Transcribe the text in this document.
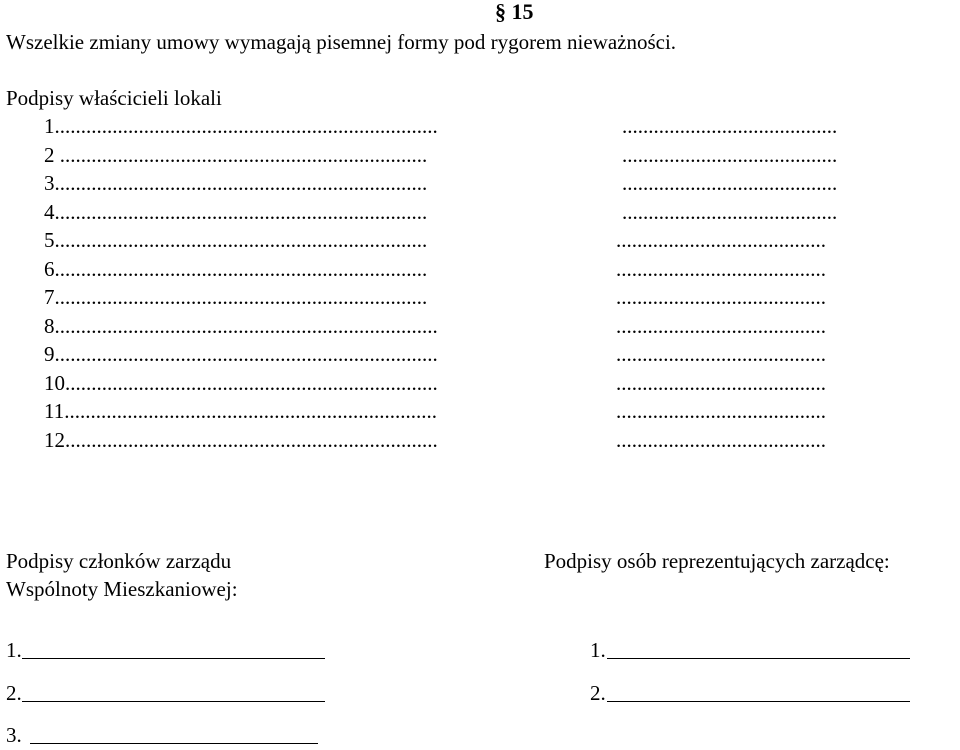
§ 15
Wszelkie zmiany umowy wymagają pisemnej formy pod rygorem nieważności.
Podpisy właścicieli lokali
1.........................................................................	.........................................
2 ......................................................................	.........................................
3.......................................................................	.........................................
4.......................................................................	.........................................
5.......................................................................	........................................
6.......................................................................	........................................
7.......................................................................	........................................
8.........................................................................	........................................
9.........................................................................	........................................
10.......................................................................	........................................
11.......................................................................	........................................
12.......................................................................	........................................
Podpisy członków zarządu
Wspólnoty Mieszkaniowej:
1.
2.
3.
Podpisy osób reprezentujących zarządcę:
1.
2.
